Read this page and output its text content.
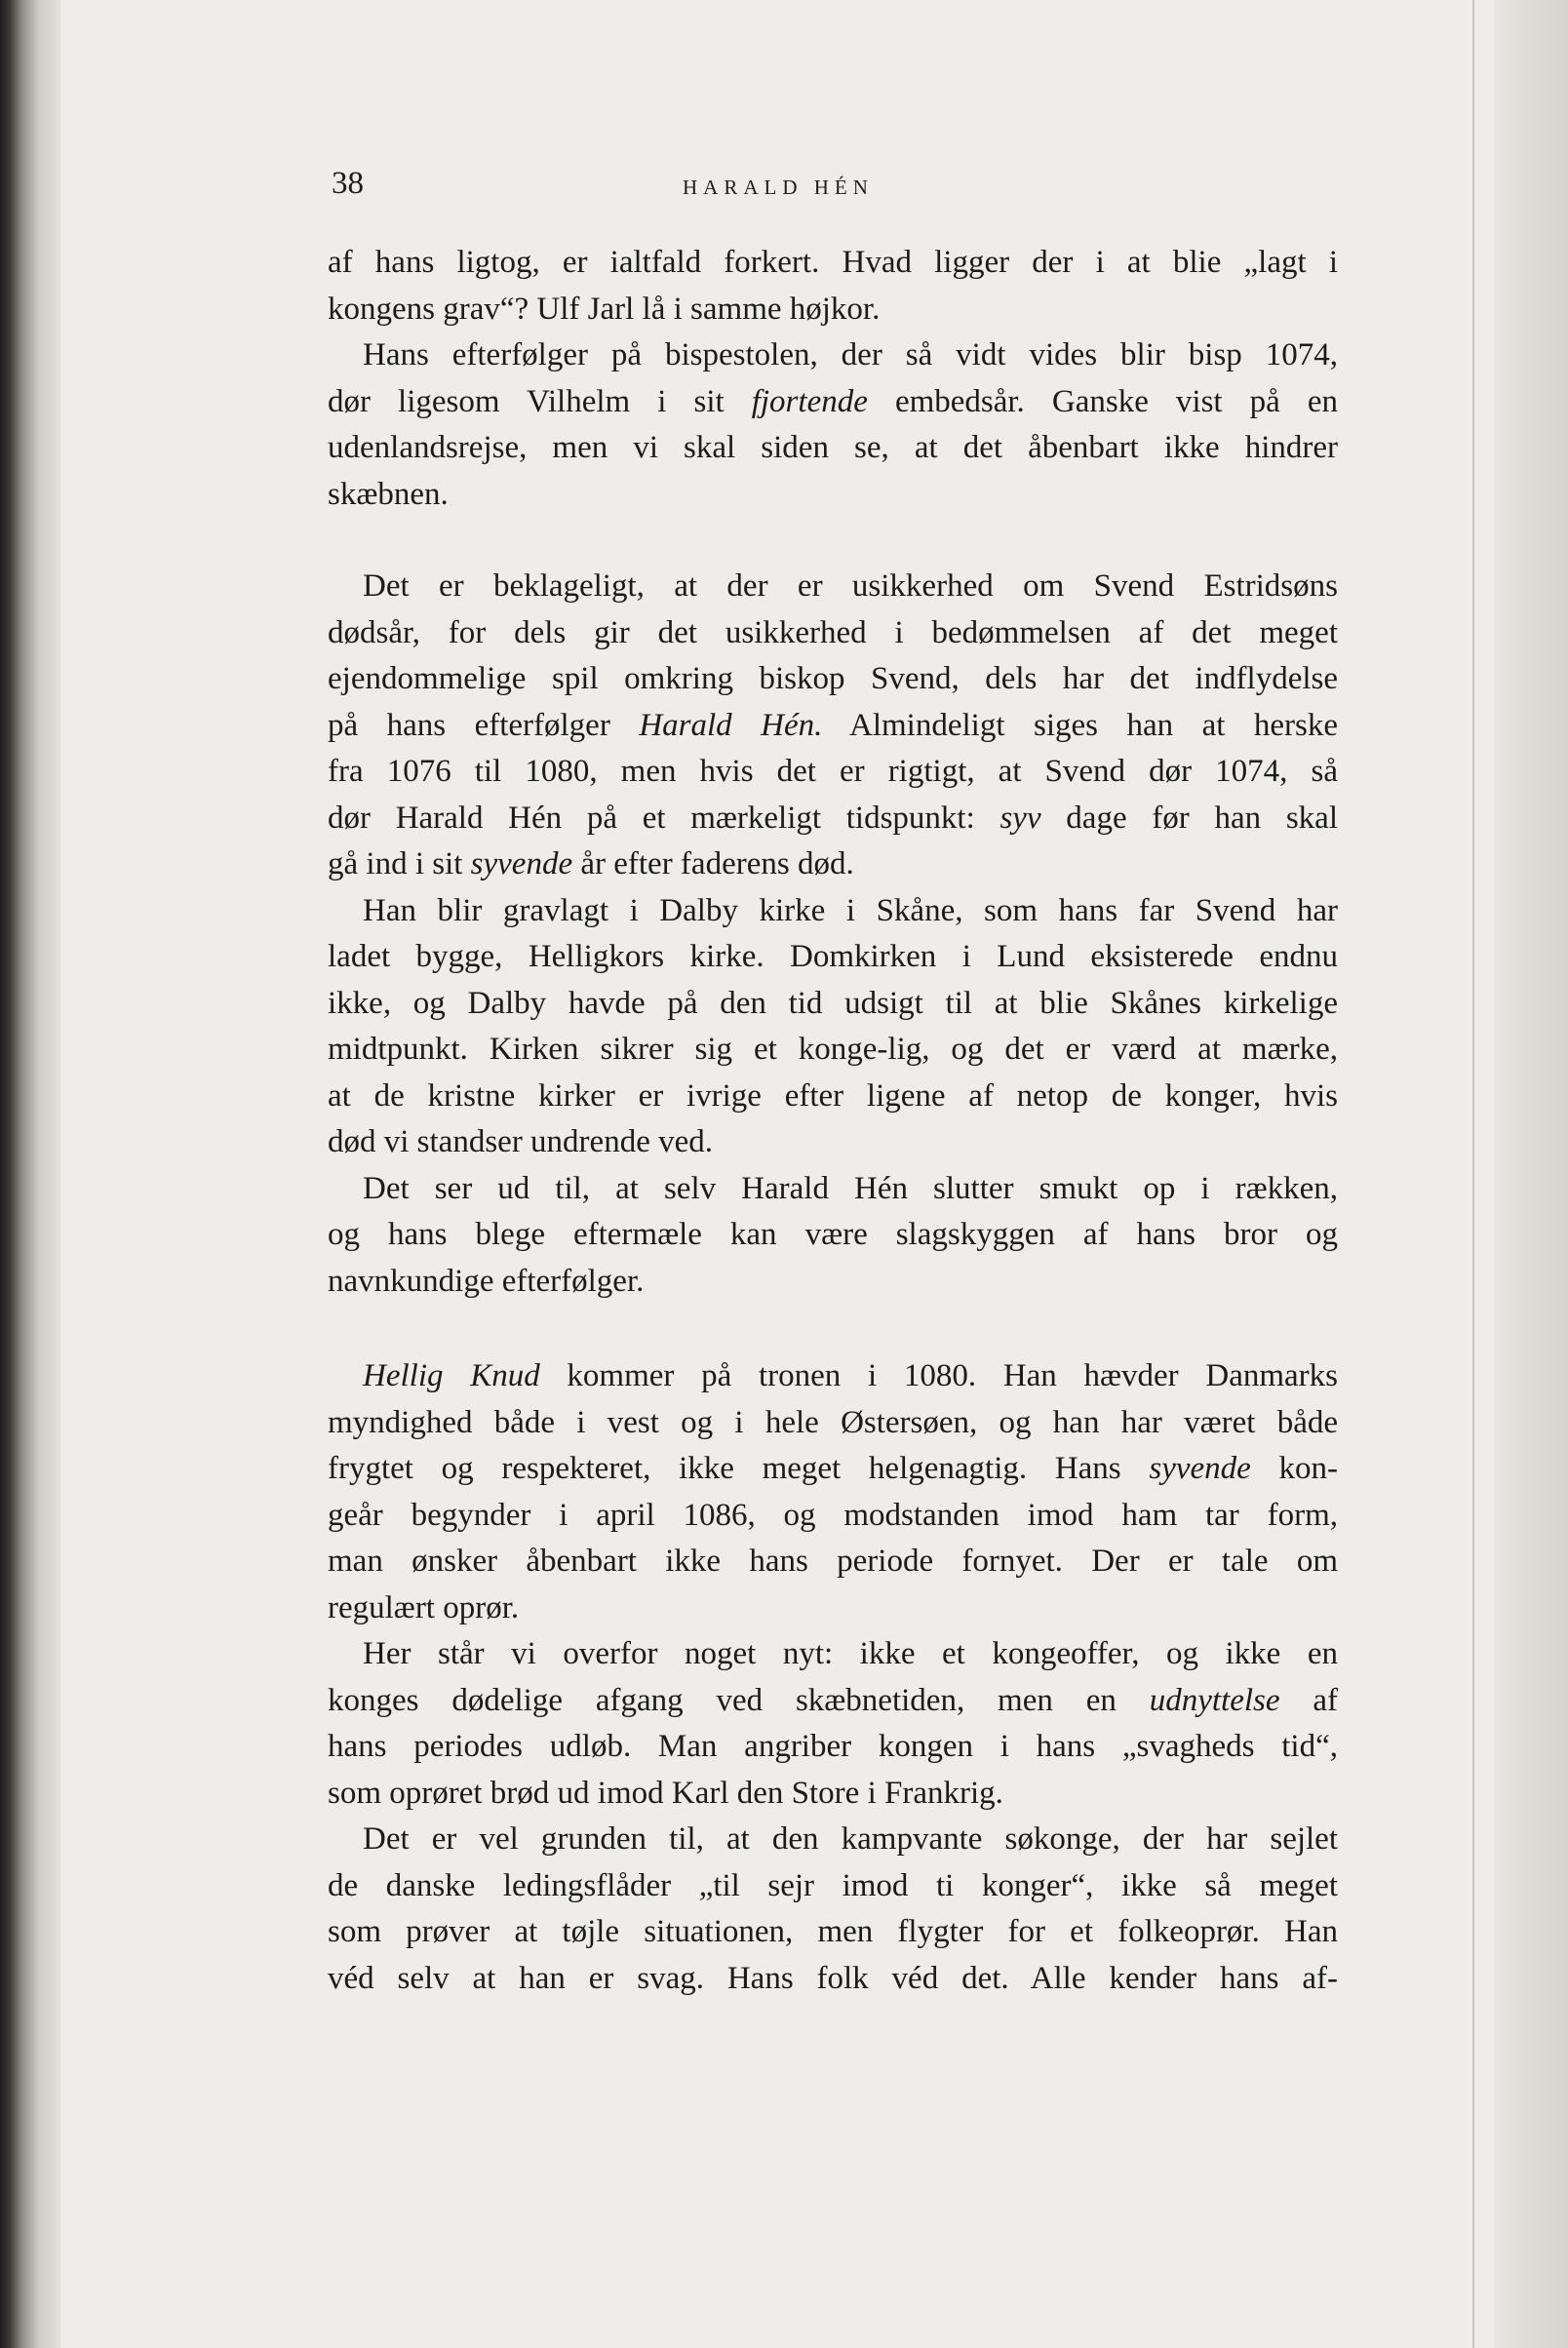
38	HARALD HÉN
af hans ligtog, er ialtfald forkert. Hvad ligger der i at blie „lagt i
kongens grav“? Ulf Jarl lå i samme højkor.
Hans efterfølger på bispestolen, der så vidt vides blir bisp 1074,
dør ligesom Vilhelm i sit fjortende embedsår. Ganske vist på en
udenlandsrejse, men vi skal siden se, at det åbenbart ikke hindrer
skæbnen.
Det er beklageligt, at der er usikkerhed om Svend Estridsøns
dødsår, for dels gir det usikkerhed i bedømmelsen af det meget
ejendommelige spil omkring biskop Svend, dels har det indflydelse
på hans efterfølger Harald Hén. Almindeligt siges han at herske
fra 1076 til 1080, men hvis det er rigtigt, at Svend dør 1074, så
dør Harald Hén på et mærkeligt tidspunkt: syv dage før han skal
gå ind i sit syvende år efter faderens død.
Han blir gravlagt i Dalby kirke i Skåne, som hans far Svend har
ladet bygge, Helligkors kirke. Domkirken i Lund eksisterede endnu
ikke, og Dalby havde på den tid udsigt til at blie Skånes kirkelige
midtpunkt. Kirken sikrer sig et konge-lig, og det er værd at mærke,
at de kristne kirker er ivrige efter ligene af netop de konger, hvis
død vi standser undrende ved.
Det ser ud til, at selv Harald Hén slutter smukt op i rækken,
og hans blege eftermæle kan være slagskyggen af hans bror og
navnkundige efterfølger.
Hellig Knud kommer på tronen i 1080. Han hævder Danmarks
myndighed både i vest og i hele Østersøen, og han har været både
frygtet og respekteret, ikke meget helgenagtig. Hans syvende kon-
geår begynder i april 1086, og modstanden imod ham tar form,
man ønsker åbenbart ikke hans periode fornyet. Der er tale om
regulært oprør.
Her står vi overfor noget nyt: ikke et kongeoffer, og ikke en
konges dødelige afgang ved skæbnetiden, men en udnyttelse af
hans periodes udløb. Man angriber kongen i hans „svagheds tid“,
som oprøret brød ud imod Karl den Store i Frankrig.
Det er vel grunden til, at den kampvante søkonge, der har sejlet
de danske ledingsflåder „til sejr imod ti konger“, ikke så meget
som prøver at tøjle situationen, men flygter for et folkeoprør. Han
véd selv at han er svag. Hans folk véd det. Alle kender hans af-
